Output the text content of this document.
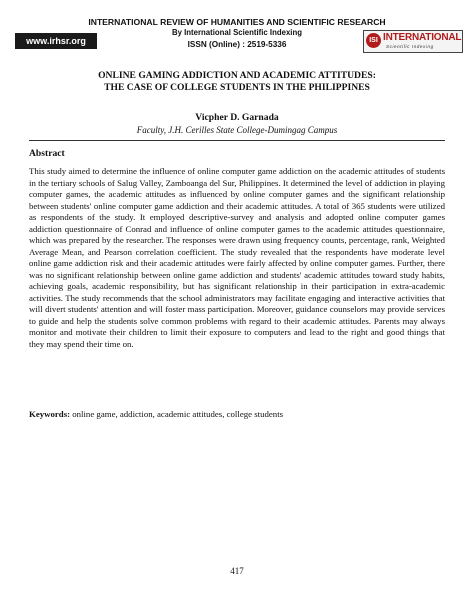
INTERNATIONAL REVIEW OF HUMANITIES AND SCIENTIFIC RESEARCH
By International Scientific Indexing
ISSN (Online) : 2519-5336
www.irhsr.org	ISI INTERNATIONAL
Scientific Indexing
ONLINE GAMING ADDICTION AND ACADEMIC ATTITUDES:
THE CASE OF COLLEGE STUDENTS IN THE PHILIPPINES
Vicpher D. Garnada
Faculty, J.H. Cerilles State College-Dumingag Campus
Abstract

This study aimed to determine the influence of online computer game addiction on the academic attitudes of students in the tertiary schools of Salug Valley, Zamboanga del Sur, Philippines. It determined the level of addiction in playing computer games, the academic attitudes as influenced by online computer games and the significant relationship between students' online computer game addiction and their academic attitudes. A total of 365 students were utilized as respondents of the study. It employed descriptive-survey and analysis and adopted online computer games addiction questionnaire of Conrad and influence of online computer games to the academic attitudes questionnaire, which was prepared by the researcher. The responses were drawn using frequency counts, percentage, rank, Weighted Average Mean, and Pearson correlation coefficient. The study revealed that the respondents have moderate level online game addiction risk and their academic attitudes were fairly affected by online computer games. Further, there was no significant relationship between online game addiction and students' academic attitudes toward study habits, achieving goals, academic responsibility, but has significant relationship in their participation in extra-academic activities. The study recommends that the school administrators may facilitate engaging and interactive activities that will divert students' attention and will foster mass participation. Moreover, guidance counselors may provide services to guide and help the students solve common problems with regard to their academic attitudes. Parents may always monitor and motivate their children to limit their exposure to computers and lead to the right and good things that they may spend their time on.

Keywords: online game, addiction, academic attitudes, college students

417
